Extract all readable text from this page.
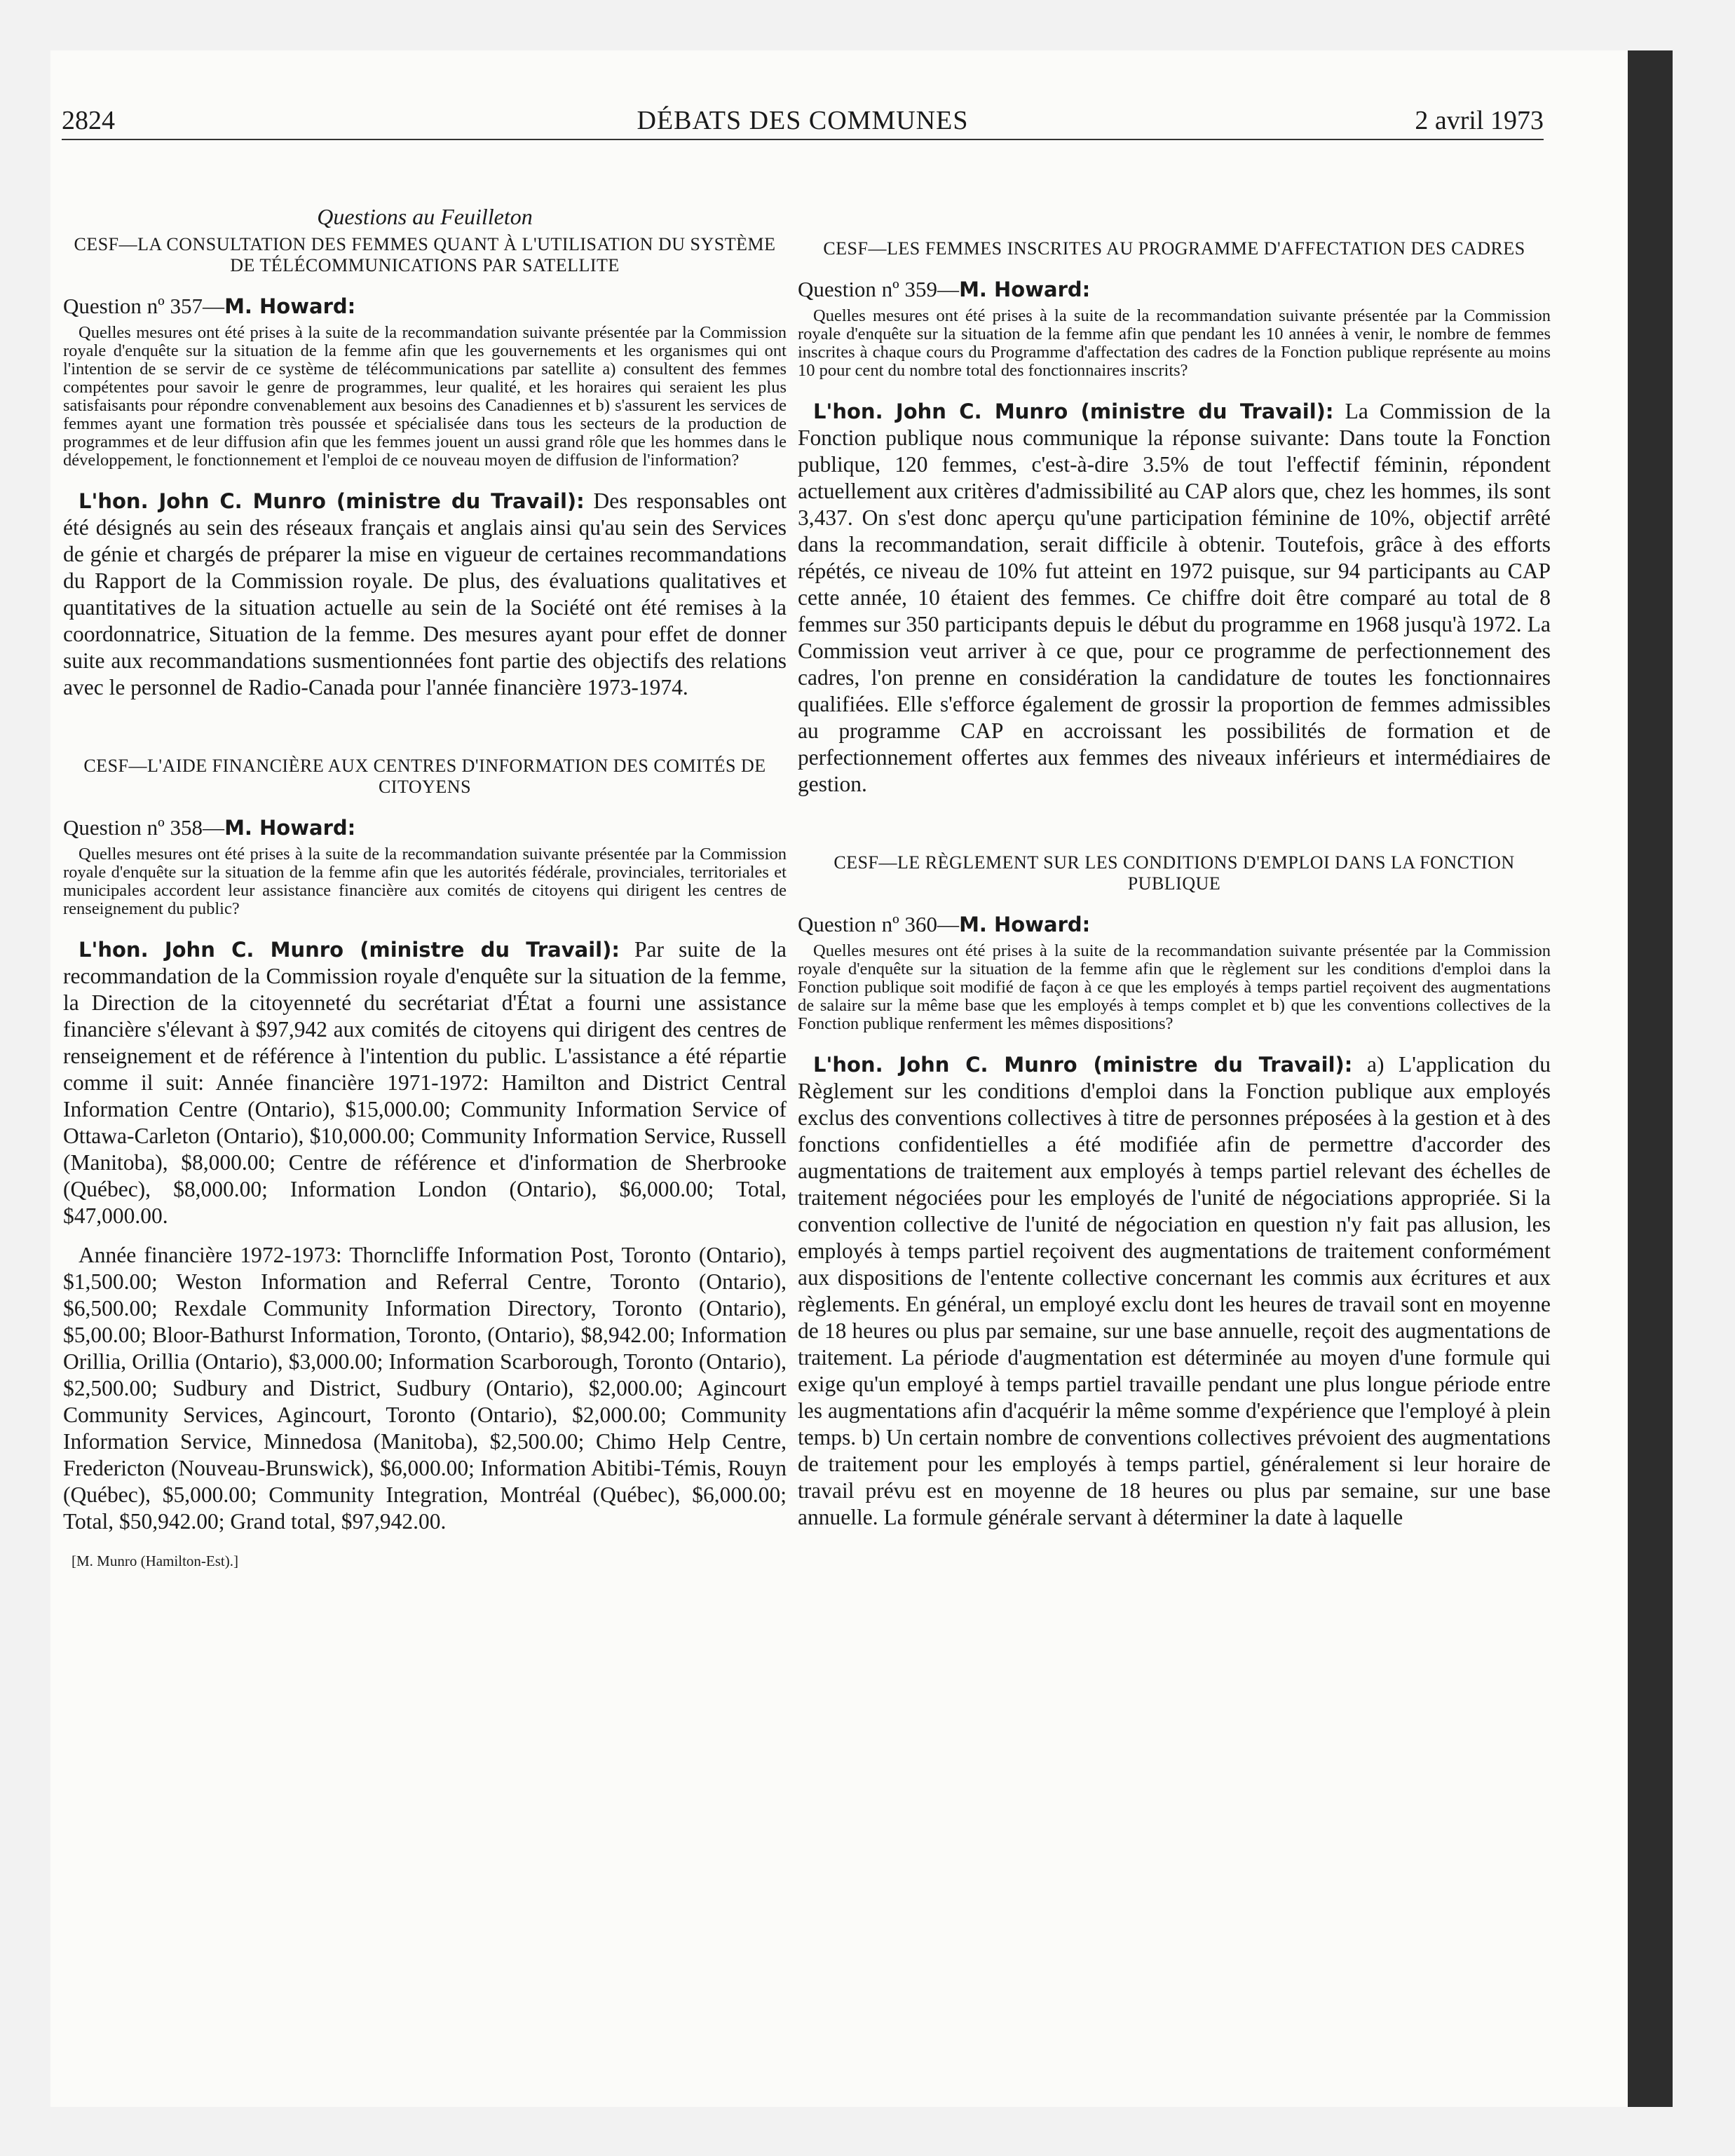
2824	DÉBATS DES COMMUNES	2 avril 1973
Questions au Feuilleton
CESF—LA CONSULTATION DES FEMMES QUANT À L'UTILISATION DU SYSTÈME DE TÉLÉCOMMUNICATIONS PAR SATELLITE
Question nº 357—M. Howard:
Quelles mesures ont été prises à la suite de la recommandation suivante présentée par la Commission royale d'enquête sur la situation de la femme afin que les gouvernements et les organismes qui ont l'intention de se servir de ce système de télécommunications par satellite a) consultent des femmes compétentes pour savoir le genre de programmes, leur qualité, et les horaires qui seraient les plus satisfaisants pour répondre convenablement aux besoins des Canadiennes et b) s'assurent les services de femmes ayant une formation très poussée et spécialisée dans tous les secteurs de la production de programmes et de leur diffusion afin que les femmes jouent un aussi grand rôle que les hommes dans le développement, le fonctionnement et l'emploi de ce nouveau moyen de diffusion de l'information?
L'hon. John C. Munro (ministre du Travail): Des responsables ont été désignés au sein des réseaux français et anglais ainsi qu'au sein des Services de génie et chargés de préparer la mise en vigueur de certaines recommandations du Rapport de la Commission royale. De plus, des évaluations qualitatives et quantitatives de la situation actuelle au sein de la Société ont été remises à la coordonnatrice, Situation de la femme. Des mesures ayant pour effet de donner suite aux recommandations susmentionnées font partie des objectifs des relations avec le personnel de Radio-Canada pour l'année financière 1973-1974.
CESF—L'AIDE FINANCIÈRE AUX CENTRES D'INFORMATION DES COMITÉS DE CITOYENS
Question nº 358—M. Howard:
Quelles mesures ont été prises à la suite de la recommandation suivante présentée par la Commission royale d'enquête sur la situation de la femme afin que les autorités fédérale, provinciales, territoriales et municipales accordent leur assistance financière aux comités de citoyens qui dirigent les centres de renseignement du public?
L'hon. John C. Munro (ministre du Travail): Par suite de la recommandation de la Commission royale d'enquête sur la situation de la femme, la Direction de la citoyenneté du secrétariat d'État a fourni une assistance financière s'élevant à $97,942 aux comités de citoyens qui dirigent des centres de renseignement et de référence à l'intention du public. L'assistance a été répartie comme il suit: Année financière 1971-1972: Hamilton and District Central Information Centre (Ontario), $15,000.00; Community Information Service of Ottawa-Carleton (Ontario), $10,000.00; Community Information Service, Russell (Manitoba), $8,000.00; Centre de référence et d'information de Sherbrooke (Québec), $8,000.00; Information London (Ontario), $6,000.00; Total, $47,000.00.
Année financière 1972-1973: Thorncliffe Information Post, Toronto (Ontario), $1,500.00; Weston Information and Referral Centre, Toronto (Ontario), $6,500.00; Rexdale Community Information Directory, Toronto (Ontario), $5,00.00; Bloor-Bathurst Information, Toronto, (Ontario), $8,942.00; Information Orillia, Orillia (Ontario), $3,000.00; Information Scarborough, Toronto (Ontario), $2,500.00; Sudbury and District, Sudbury (Ontario), $2,000.00; Agincourt Community Services, Agincourt, Toronto (Ontario), $2,000.00; Community Information Service, Minnedosa (Manitoba), $2,500.00; Chimo Help Centre, Fredericton (Nouveau-Brunswick), $6,000.00; Information Abitibi-Témis, Rouyn (Québec), $5,000.00; Community Integration, Montréal (Québec), $6,000.00; Total, $50,942.00; Grand total, $97,942.00.
[M. Munro (Hamilton-Est).]
CESF—LES FEMMES INSCRITES AU PROGRAMME D'AFFECTATION DES CADRES
Question nº 359—M. Howard:
Quelles mesures ont été prises à la suite de la recommandation suivante présentée par la Commission royale d'enquête sur la situation de la femme afin que pendant les 10 années à venir, le nombre de femmes inscrites à chaque cours du Programme d'affectation des cadres de la Fonction publique représente au moins 10 pour cent du nombre total des fonctionnaires inscrits?
L'hon. John C. Munro (ministre du Travail): La Commission de la Fonction publique nous communique la réponse suivante: Dans toute la Fonction publique, 120 femmes, c'est-à-dire 3.5% de tout l'effectif féminin, répondent actuellement aux critères d'admissibilité au CAP alors que, chez les hommes, ils sont 3,437. On s'est donc aperçu qu'une participation féminine de 10%, objectif arrêté dans la recommandation, serait difficile à obtenir. Toutefois, grâce à des efforts répétés, ce niveau de 10% fut atteint en 1972 puisque, sur 94 participants au CAP cette année, 10 étaient des femmes. Ce chiffre doit être comparé au total de 8 femmes sur 350 participants depuis le début du programme en 1968 jusqu'à 1972. La Commission veut arriver à ce que, pour ce programme de perfectionnement des cadres, l'on prenne en considération la candidature de toutes les fonctionnaires qualifiées. Elle s'efforce également de grossir la proportion de femmes admissibles au programme CAP en accroissant les possibilités de formation et de perfectionnement offertes aux femmes des niveaux inférieurs et intermédiaires de gestion.
CESF—LE RÈGLEMENT SUR LES CONDITIONS D'EMPLOI DANS LA FONCTION PUBLIQUE
Question nº 360—M. Howard:
Quelles mesures ont été prises à la suite de la recommandation suivante présentée par la Commission royale d'enquête sur la situation de la femme afin que le règlement sur les conditions d'emploi dans la Fonction publique soit modifié de façon à ce que les employés à temps partiel reçoivent des augmentations de salaire sur la même base que les employés à temps complet et b) que les conventions collectives de la Fonction publique renferment les mêmes dispositions?
L'hon. John C. Munro (ministre du Travail): a) L'application du Règlement sur les conditions d'emploi dans la Fonction publique aux employés exclus des conventions collectives à titre de personnes préposées à la gestion et à des fonctions confidentielles a été modifiée afin de permettre d'accorder des augmentations de traitement aux employés à temps partiel relevant des échelles de traitement négociées pour les employés de l'unité de négociations appropriée. Si la convention collective de l'unité de négociation en question n'y fait pas allusion, les employés à temps partiel reçoivent des augmentations de traitement conformément aux dispositions de l'entente collective concernant les commis aux écritures et aux règlements. En général, un employé exclu dont les heures de travail sont en moyenne de 18 heures ou plus par semaine, sur une base annuelle, reçoit des augmentations de traitement. La période d'augmentation est déterminée au moyen d'une formule qui exige qu'un employé à temps partiel travaille pendant une plus longue période entre les augmentations afin d'acquérir la même somme d'expérience que l'employé à plein temps. b) Un certain nombre de conventions collectives prévoient des augmentations de traitement pour les employés à temps partiel, généralement si leur horaire de travail prévu est en moyenne de 18 heures ou plus par semaine, sur une base annuelle. La formule générale servant à déterminer la date à laquelle
